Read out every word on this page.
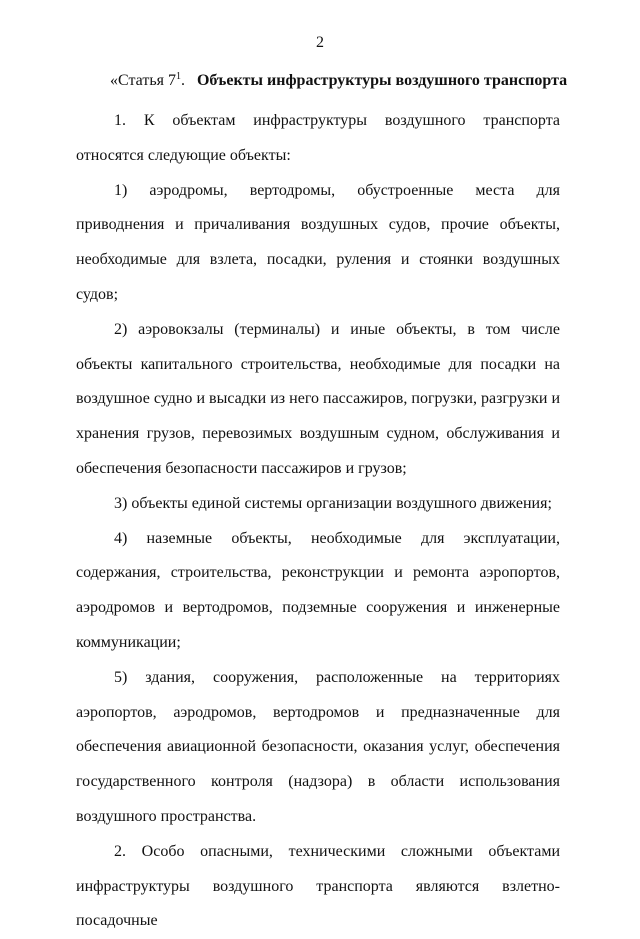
2
«Статья $7^1$. Объекты инфраструктуры воздушного транспорта

1. К объектам инфраструктуры воздушного транспорта относятся следующие объекты:

1) аэродромы, вертодромы, обустроенные места для приводнения и причаливания воздушных судов, прочие объекты, необходимые для взлета, посадки, руления и стоянки воздушных судов;

2) аэровокзалы (терминалы) и иные объекты, в том числе объекты капитального строительства, необходимые для посадки на воздушное судно и высадки из него пассажиров, погрузки, разгрузки и хранения грузов, перевозимых воздушным судном, обслуживания и обеспечения безопасности пассажиров и грузов;

3) объекты единой системы организации воздушного движения;

4) наземные объекты, необходимые для эксплуатации, содержания, строительства, реконструкции и ремонта аэропортов, аэродромов и вертодромов, подземные сооружения и инженерные коммуникации;

5) здания, сооружения, расположенные на территориях аэропортов, аэродромов, вертодромов и предназначенные для обеспечения авиационной безопасности, оказания услуг, обеспечения государственного контроля (надзора) в области использования воздушного пространства.

2. Особо опасными, техническими сложными объектами инфраструктуры воздушного транспорта являются взлетно-посадочные
